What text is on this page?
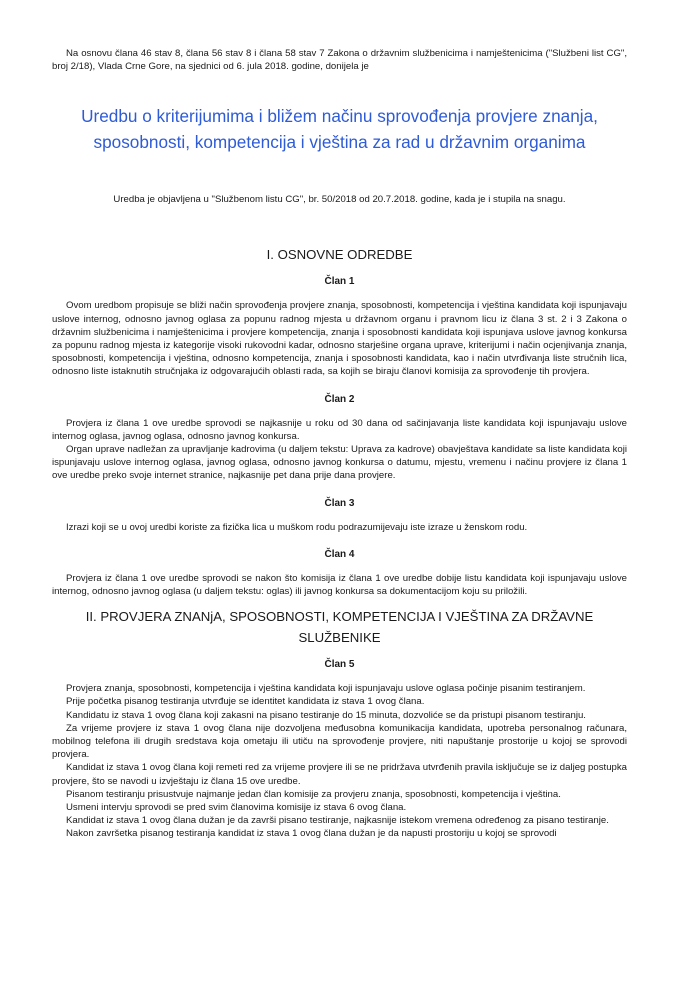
Na osnovu člana 46 stav 8, člana 56 stav 8 i člana 58 stav 7 Zakona o državnim službenicima i namještenicima ("Službeni list CG", broj 2/18), Vlada Crne Gore, na sjednici od 6. jula 2018. godine, donijela je

Uredbu o kriterijumima i bližem načinu sprovođenja provjere znanja, sposobnosti, kompetencija i vještina za rad u državnim organima

Uredba je objavljena u "Službenom listu CG", br. 50/2018 od 20.7.2018. godine, kada je i stupila na snagu.

I. OSNOVNE ODREDBE
Član 1

Ovom uredbom propisuje se bliži način sprovođenja provjere znanja, sposobnosti, kompetencija i vještina kandidata koji ispunjavaju uslove internog, odnosno javnog oglasa za popunu radnog mjesta u državnom organu i pravnom licu iz člana 3 st. 2 i 3 Zakona o državnim službenicima i namještenicima i provjere kompetencija, znanja i sposobnosti kandidata koji ispunjava uslove javnog konkursa za popunu radnog mjesta iz kategorije visoki rukovodni kadar, odnosno starješine organa uprave, kriterijumi i način ocjenjivanja znanja, sposobnosti, kompetencija i vještina, odnosno kompetencija, znanja i sposobnosti kandidata, kao i način utvrđivanja liste stručnih lica, odnosno liste istaknutih stručnjaka iz odgovarajućih oblasti rada, sa kojih se biraju članovi komisija za sprovođenje tih provjera.

Član 2

Provjera iz člana 1 ove uredbe sprovodi se najkasnije u roku od 30 dana od sačinjavanja liste kandidata koji ispunjavaju uslove internog oglasa, javnog oglasa, odnosno javnog konkursa.

Organ uprave nadležan za upravljanje kadrovima (u daljem tekstu: Uprava za kadrove) obavještava kandidate sa liste kandidata koji ispunjavaju uslove internog oglasa, javnog oglasa, odnosno javnog konkursa o datumu, mjestu, vremenu i načinu provjere iz člana 1 ove uredbe preko svoje internet stranice, najkasnije pet dana prije dana provjere.

Član 3

Izrazi koji se u ovoj uredbi koriste za fizička lica u muškom rodu podrazumijevaju iste izraze u ženskom rodu.

Član 4

Provjera iz člana 1 ove uredbe sprovodi se nakon što komisija iz člana 1 ove uredbe dobije listu kandidata koji ispunjavaju uslove internog, odnosno javnog oglasa (u daljem tekstu: oglas) ili javnog konkursa sa dokumentacijom koju su priložili.

II. PROVJERA ZNANjA, SPOSOBNOSTI, KOMPETENCIJA I VJEŠTINA ZA DRŽAVNE SLUŽBENIKE
Član 5

Provjera znanja, sposobnosti, kompetencija i vještina kandidata koji ispunjavaju uslove oglasa počinje pisanim testiranjem.

Prije početka pisanog testiranja utvrđuje se identitet kandidata iz stava 1 ovog člana.

Kandidatu iz stava 1 ovog člana koji zakasni na pisano testiranje do 15 minuta, dozvoliće se da pristupi pisanom testiranju.

Za vrijeme provjere iz stava 1 ovog člana nije dozvoljena međusobna komunikacija kandidata, upotreba personalnog računara, mobilnog telefona ili drugih sredstava koja ometaju ili utiču na sprovođenje provjere, niti napuštanje prostorije u kojoj se sprovodi provjera.

Kandidat iz stava 1 ovog člana koji remeti red za vrijeme provjere ili se ne pridržava utvrđenih pravila isključuje se iz daljeg postupka provjere, što se navodi u izvještaju iz člana 15 ove uredbe.

Pisanom testiranju prisustvuje najmanje jedan član komisije za provjeru znanja, sposobnosti, kompetencija i vještina.

Usmeni intervju sprovodi se pred svim članovima komisije iz stava 6 ovog člana.

Kandidat iz stava 1 ovog člana dužan je da završi pisano testiranje, najkasnije istekom vremena određenog za pisano testiranje.

Nakon završetka pisanog testiranja kandidat iz stava 1 ovog člana dužan je da napusti prostoriju u kojoj se sprovodi
